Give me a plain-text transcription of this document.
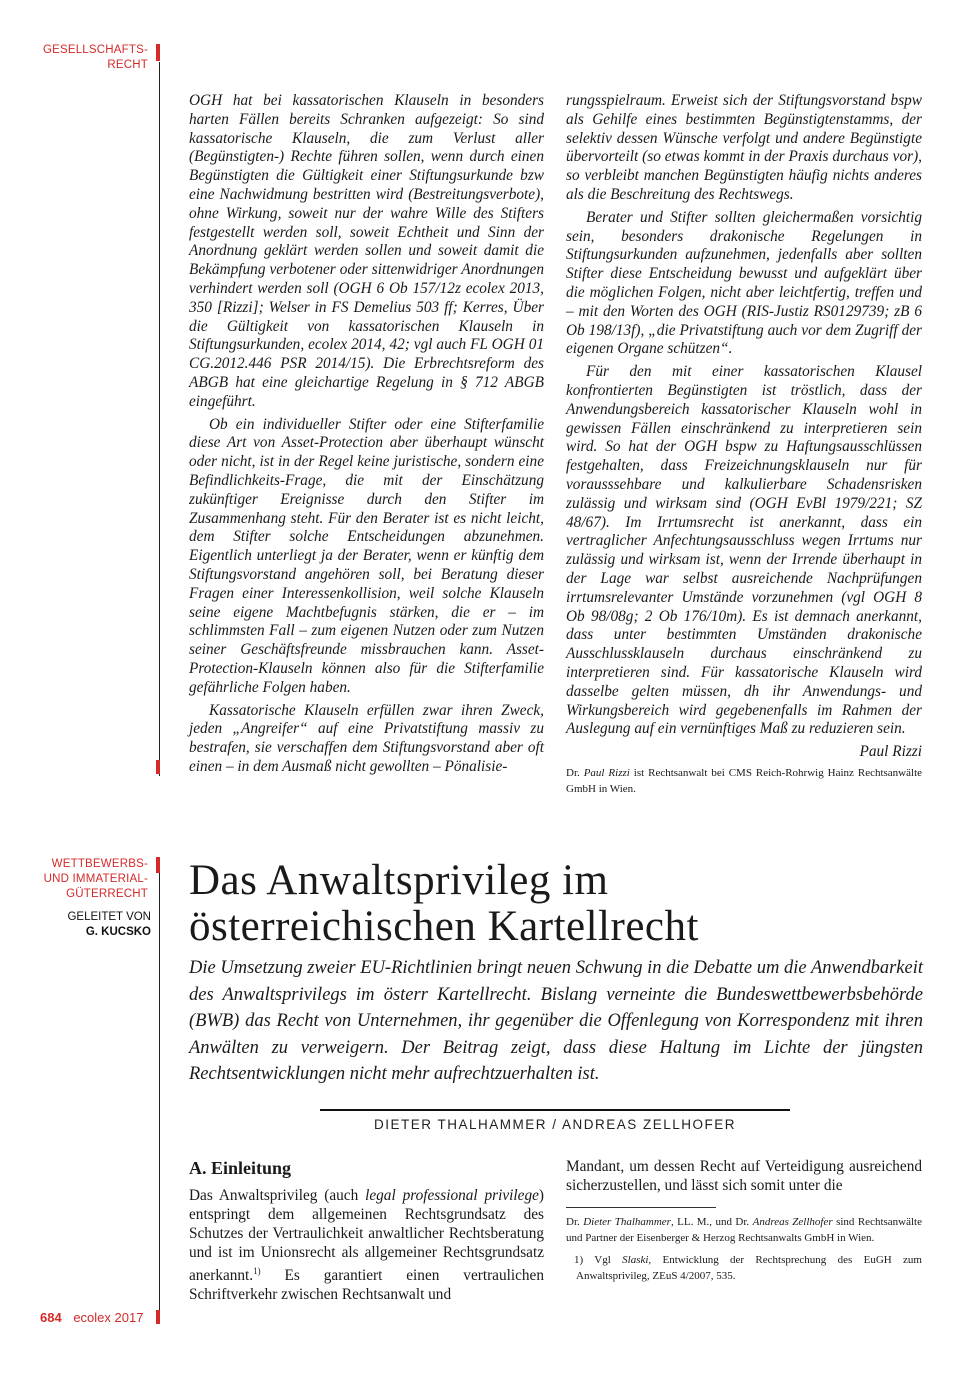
GESELLSCHAFTS-
RECHT
WETTBEWERBS-
UND IMMATERIAL-
GÜTERRECHT
GELEITET VON
G. KUCSKO

OGH hat bei kassatorischen Klauseln in besonders harten Fällen bereits Schranken aufgezeigt: So sind kassatorische Klauseln, die zum Verlust aller (Begünstigten-) Rechte führen sollen, wenn durch einen Begünstigten die Gültigkeit einer Stiftungsurkunde bzw eine Nachwidmung bestritten wird (Bestreitungsverbote), ohne Wirkung, soweit nur der wahre Wille des Stifters festgestellt werden soll, soweit Echtheit und Sinn der Anordnung geklärt werden sollen und soweit damit die Bekämpfung verbotener oder sittenwidriger Anordnungen verhindert werden soll (OGH 6 Ob 157/12z ecolex 2013, 350 [Rizzi]; Welser in FS Demelius 503 ff; Kerres, Über die Gültigkeit von kassatorischen Klauseln in Stiftungsurkunden, ecolex 2014, 42; vgl auch FL OGH 01 CG.2012.446 PSR 2014/15). Die Erbrechtsreform des ABGB hat eine gleichartige Regelung in § 712 ABGB eingeführt.

Ob ein individueller Stifter oder eine Stifterfamilie diese Art von Asset-Protection aber überhaupt wünscht oder nicht, ist in der Regel keine juristische, sondern eine Befindlichkeits-Frage, die mit der Einschätzung zukünftiger Ereignisse durch den Stifter im Zusammenhang steht. Für den Berater ist es nicht leicht, dem Stifter solche Entscheidungen abzunehmen. Eigentlich unterliegt ja der Berater, wenn er künftig dem Stiftungsvorstand angehören soll, bei Beratung dieser Fragen einer Interessenkollision, weil solche Klauseln seine eigene Machtbefugnis stärken, die er – im schlimmsten Fall – zum eigenen Nutzen oder zum Nutzen seiner Geschäftsfreunde missbrauchen kann. Asset-Protection-Klauseln können also für die Stifterfamilie gefährliche Folgen haben.

Kassatorische Klauseln erfüllen zwar ihren Zweck, jeden „Angreifer“ auf eine Privatstiftung massiv zu bestrafen, sie verschaffen dem Stiftungsvorstand aber oft einen – in dem Ausmaß nicht gewollten – Pönalisie-

rungsspielraum. Erweist sich der Stiftungsvorstand bspw als Gehilfe eines bestimmten Begünstigtenstamms, der selektiv dessen Wünsche verfolgt und andere Begünstigte übervorteilt (so etwas kommt in der Praxis durchaus vor), so verbleibt manchen Begünstigten häufig nichts anderes als die Beschreitung des Rechtswegs.

Berater und Stifter sollten gleichermaßen vorsichtig sein, besonders drakonische Regelungen in Stiftungsurkunden aufzunehmen, jedenfalls aber sollten Stifter diese Entscheidung bewusst und aufgeklärt über die möglichen Folgen, nicht aber leichtfertig, treffen und – mit den Worten des OGH (RIS-Justiz RS0129739; zB 6 Ob 198/13f), „die Privatstiftung auch vor dem Zugriff der eigenen Organe schützen“.

Für den mit einer kassatorischen Klausel konfrontierten Begünstigten ist tröstlich, dass der Anwendungsbereich kassatorischer Klauseln wohl in gewissen Fällen einschränkend zu interpretieren sein wird. So hat der OGH bspw zu Haftungsausschlüssen festgehalten, dass Freizeichnungsklauseln nur für vorausssehbare und kalkulierbare Schadensrisken zulässig und wirksam sind (OGH EvBl 1979/221; SZ 48/67). Im Irrtumsrecht ist anerkannt, dass ein vertraglicher Anfechtungsausschluss wegen Irrtums nur zulässig und wirksam ist, wenn der Irrende überhaupt in der Lage war selbst ausreichende Nachprüfungen irrtumsrelevanter Umstände vorzunehmen (vgl OGH 8 Ob 98/08g; 2 Ob 176/10m). Es ist demnach anerkannt, dass unter bestimmten Umständen drakonische Ausschlussklauseln durchaus einschränkend zu interpretieren sind. Für kassatorische Klauseln wird dasselbe gelten müssen, dh ihr Anwendungs- und Wirkungsbereich wird gegebenenfalls im Rahmen der Auslegung auf ein vernünftiges Maß zu reduzieren sein.

Paul Rizzi
Dr. Paul Rizzi ist Rechtsanwalt bei CMS Reich-Rohrwig Hainz Rechtsanwälte GmbH in Wien.
Das Anwaltsprivileg im
österreichischen Kartellrecht
Die Umsetzung zweier EU-Richtlinien bringt neuen Schwung in die Debatte um die Anwendbarkeit des Anwaltsprivilegs im österr Kartellrecht. Bislang verneinte die Bundeswettbewerbsbehörde (BWB) das Recht von Unternehmen, ihr gegenüber die Offenlegung von Korrespondenz mit ihren Anwälten zu verweigern. Der Beitrag zeigt, dass diese Haltung im Lichte der jüngsten Rechtsentwicklungen nicht mehr aufrechtzuerhalten ist.
DIETER THALHAMMER / ANDREAS ZELLHOFER
A. Einleitung
Das Anwaltsprivileg (auch legal professional privilege) entspringt dem allgemeinen Rechtsgrundsatz des Schutzes der Vertraulichkeit anwaltlicher Rechtsberatung und ist im Unionsrecht als allgemeiner Rechtsgrundsatz anerkannt.$^{1)}$ Es garantiert einen vertraulichen Schriftverkehr zwischen Rechtsanwalt und
Mandant, um dessen Recht auf Verteidigung ausreichend sicherzustellen, und lässt sich somit unter die
Dr. Dieter Thalhammer, LL. M., und Dr. Andreas Zellhofer sind Rechtsanwälte und Partner der Eisenberger & Herzog Rechtsanwalts GmbH in Wien.
1) Vgl Slaski, Entwicklung der Rechtsprechung des EuGH zum Anwaltsprivileg, ZEuS 4/2007, 535.
684 ecolex 2017
